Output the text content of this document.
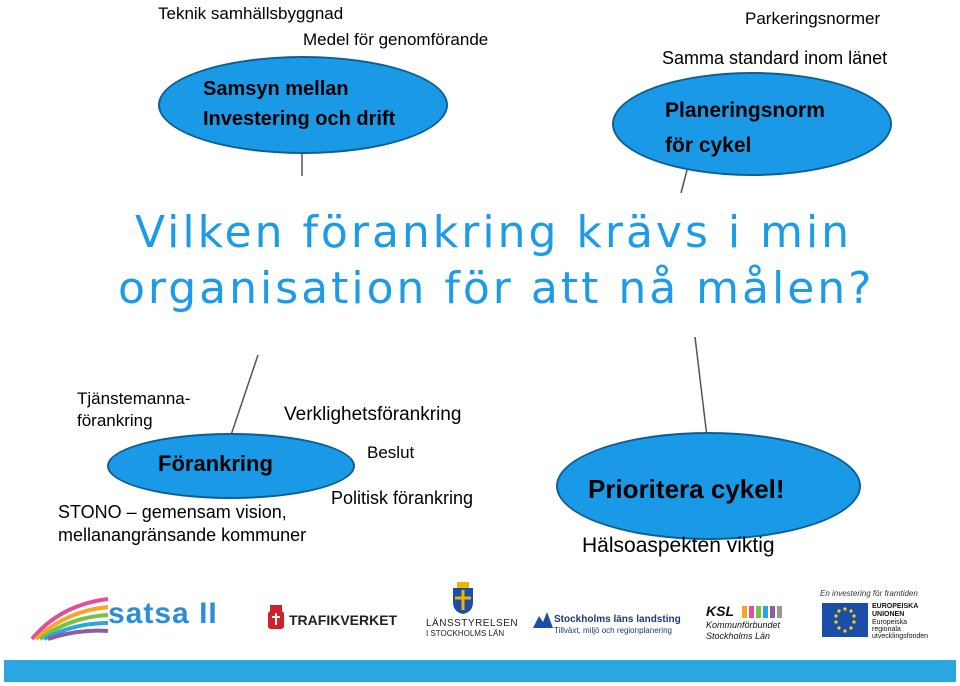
Teknik samhällsbyggnad
Medel för genomförande
Samsyn mellan
Investering och drift
Parkeringsnormer
Samma standard inom länet
Planeringsnorm
för cykel
Vilken förankring krävs i min
organisation för att nå målen?
Tjänstemanna-
förankring	Verklighetsförankring
Förankring	Beslut
Politisk förankring
STONO – gemensam vision,
mellanangränsande kommuner
Prioritera cykel!
Hälsoaspekten viktig
satsa II	TRAFIKVERKET	LÄNSSTYRELSEN
I STOCKHOLMS LÄN
Stockholms läns landsting
Tillväxt, miljö och regionplanering
KSL
Kommunförbundet
Stockholms Län
En investering för framtiden
EUROPEISKA
UNIONEN
Europeiska
regionala
utvecklingsfonden
